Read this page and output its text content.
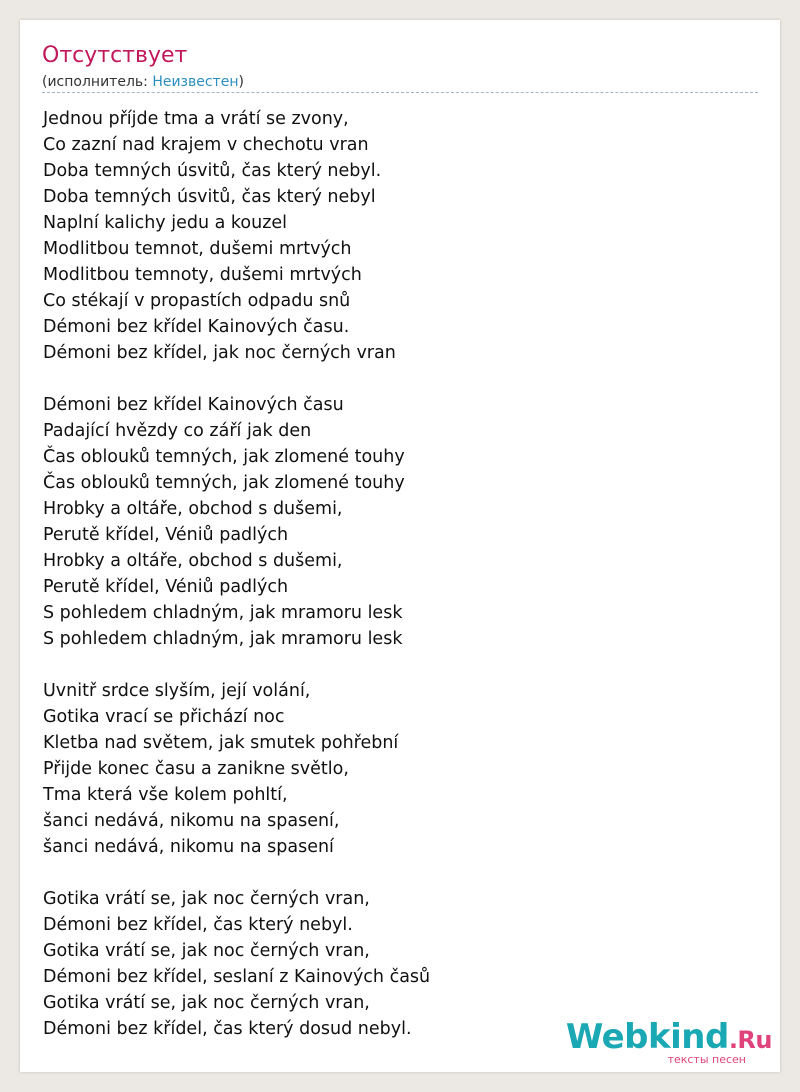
Отсутствует
(исполнитель: Неизвестен)
Jednou příjde tma a vrátí se zvony,
Co zazní nad krajem v chechotu vran
Doba temných úsvitů, čas který nebyl.
Doba temných úsvitů, čas který nebyl
Naplní kalichy jedu a kouzel
Modlitbou temnot, dušemi mrtvých
Modlitbou temnoty, dušemi mrtvých
Co stékají v propastích odpadu snů
Démoni bez křídel Kainových času.
Démoni bez křídel, jak noc černých vran
Démoni bez křídel Kainových času
Padající hvězdy co září jak den
Čas oblouků temných, jak zlomené touhy
Čas oblouků temných, jak zlomené touhy
Hrobky a oltáře, obchod s dušemi,
Perutě křídel, Véniů padlých
Hrobky a oltáře, obchod s dušemi,
Perutě křídel, Véniů padlých
S pohledem chladným, jak mramoru lesk
S pohledem chladným, jak mramoru lesk
Uvnitř srdce slyším, její volání,
Gotika vrací se přichází noc
Kletba nad světem, jak smutek pohřební
Přijde konec času a zanikne světlo,
Tma která vše kolem pohltí,
šanci nedává, nikomu na spasení,
šanci nedává, nikomu na spasení
Gotika vrátí se, jak noc černých vran,
Démoni bez křídel, čas který nebyl.
Gotika vrátí se, jak noc černých vran,
Démoni bez křídel, seslaní z Kainových časů
Gotika vrátí se, jak noc černých vran,
Démoni bez křídel, čas který dosud nebyl.	Webkind.Ru
тексты песен
